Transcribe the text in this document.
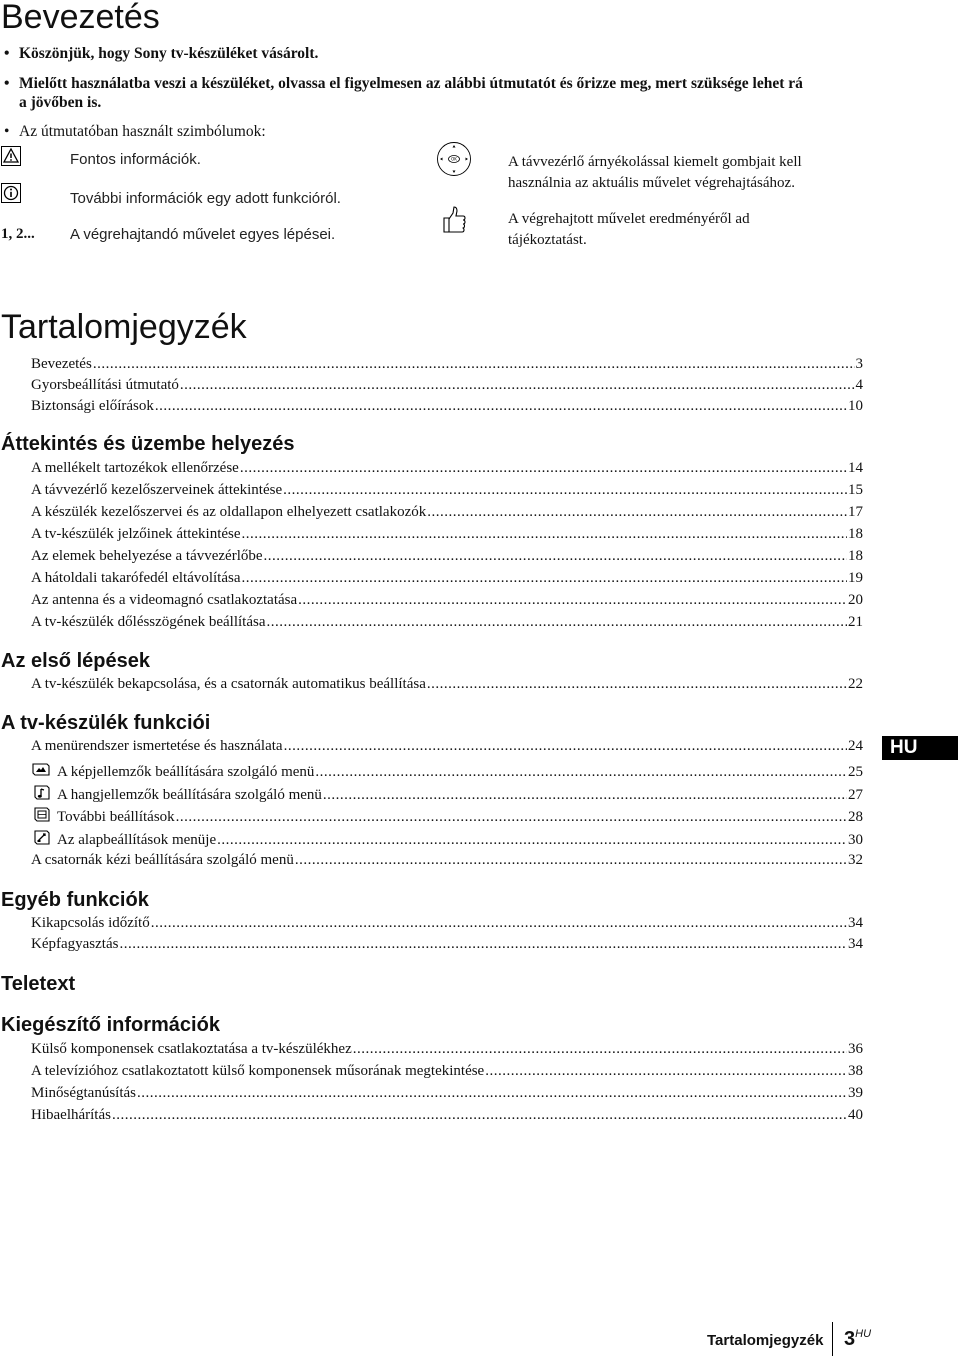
Bevezetés
• Köszönjük, hogy Sony tv-készüléket vásárolt.
• Mielőtt használatba veszi a készüléket, olvassa el figyelmesen az alábbi útmutatót és őrizze meg, mert szüksége lehet rá
a jövőben is.
• Az útmutatóban használt szimbólumok:
Fontos információk.
További információk egy adott funkcióról.
1, 2... A végrehajtandó művelet egyes lépései.
OK	A távvezérlő árnyékolással kiemelt gombjait kell
használnia az aktuális művelet végrehajtásához.
A végrehajtott művelet eredményéről ad
tájékoztatást.
Tartalomjegyzék
Bevezetés .....	3
Gyorsbeállítási útmutató .....	4
Biztonsági előírások .....	10
Áttekintés és üzembe helyezés
A mellékelt tartozékok ellenőrzése .....	14
A távvezérlő kezelőszerveinek áttekintése .....	15
A készülék kezelőszervei és az oldallapon elhelyezett csatlakozók .....	17
A tv-készülék jelzőinek áttekintése .....	18
Az elemek behelyezése a távvezérlőbe .....	18
A hátoldali takarófedél eltávolítása .....	19
Az antenna és a videomagnó csatlakoztatása .....	20
A tv-készülék dőlésszögének beállítása .....	21
Az első lépések
A tv-készülék bekapcsolása, és a csatornák automatikus beállítása .....	22
A tv-készülék funkciói
A menürendszer ismertetése és használata .....	24
A képjellemzők beállítására szolgáló menü .....	25
A hangjellemzők beállítására szolgáló menü .....	27
További beállítások .....	28
Az alapbeállítások menüje .....	30
A csatornák kézi beállítására szolgáló menü .....	32
Egyéb funkciók
Kikapcsolás időzítő .....	34
Képfagyasztás .....	34
Teletext
Kiegészítő információk
Külső komponensek csatlakoztatása a tv-készülékhez .....	36
A televízióhoz csatlakoztatott külső komponensek műsorának megtekintése .....	38
Minőségtanúsítás .....	39
Hibaelhárítás .....	40
HU
Tartalomjegyzék 3$^{HU}$
